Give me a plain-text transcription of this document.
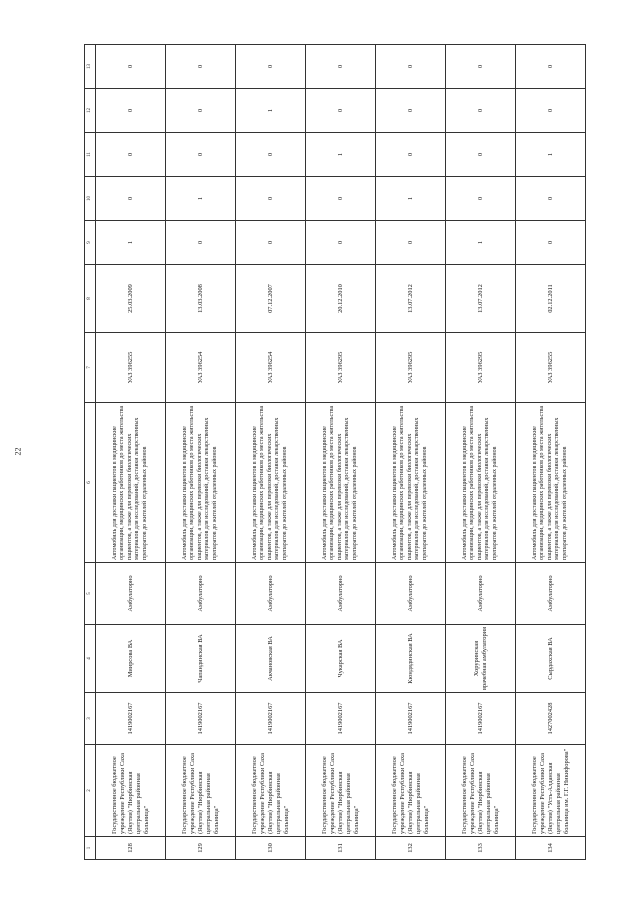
22
1	2	3	4	5	6	7	8	9	10	11	12	13
128	Государственное бюджетное учреждение Республики Саха (Якутия) "Нюрбинская центральная районная больница"	1419002167	Миирсова ВА	Амбулаторно	Автомобиль для доставки пациентов в медицинские организации, медицинских работников до места жительства пациентов, а также для перевозки биологических материалов для исследований, доставки лекарственных препаратов до жителей отдаленных районов	УАЗ 396255	25.03.2009	1	0	0	0	0
129	Государственное бюджетное учреждение Республики Саха (Якутия) "Нюрбинская центральная районная больница"	1419002167	Чапандинская ВА	Амбулаторно	Автомобиль для доставки пациентов в медицинские организации, медицинских работников до места жительства пациентов, а также для перевозки биологических материалов для исследований, доставки лекарственных препаратов до жителей отдаленных районов	УАЗ 396254	13.03.2008	0	1	0	0	0
130	Государственное бюджетное учреждение Республики Саха (Якутия) "Нюрбинская центральная районная больница"	1419002167	Акчановская ВА	Амбулаторно	Автомобиль для доставки пациентов в медицинские организации, медицинских работников до места жительства пациентов, а также для перевозки биологических материалов для исследований, доставки лекарственных препаратов до жителей отдаленных районов	УАЗ 396254	07.12.2007	0	0	0	1	0
131	Государственное бюджетное учреждение Республики Саха (Якутия) "Нюрбинская центральная районная больница"	1419002167	Чукарская ВА	Амбулаторно	Автомобиль для доставки пациентов в медицинские организации, медицинских работников до места жительства пациентов, а также для перевозки биологических материалов для исследований, доставки лекарственных препаратов до жителей отдаленных районов	УАЗ 396295	20.12.2010	0	0	1	0	0
132	Государственное бюджетное учреждение Республики Саха (Якутия) "Нюрбинская центральная районная больница"	1419002167	Кюндядинская ВА	Амбулаторно	Автомобиль для доставки пациентов в медицинские организации, медицинских работников до места жительства пациентов, а также для перевозки биологических материалов для исследований, доставки лекарственных препаратов до жителей отдаленных районов	УАЗ 396295	13.07.2012	0	1	0	0	0
133	Государственное бюджетное учреждение Республики Саха (Якутия) "Нюрбинская центральная районная больница"	1419002167	Хоруринская врачебная амбулатория	Амбулаторно	Автомобиль для доставки пациентов в медицинские организации, медицинских работников до места жительства пациентов, а также для перевозки биологических материалов для исследований, доставки лекарственных препаратов до жителей отдаленных районов	УАЗ 396295	13.07.2012	1	0	0	0	0
134	Государственное бюджетное учреждение Республики Саха (Якутия) "Усть-Алданская центральная районная больница им. Г.Г. Никифорова"	1427002428	Сырдахская ВА	Амбулаторно	Автомобиль для доставки пациентов в медицинские организации, медицинских работников до места жительства пациентов, а также для перевозки биологических материалов для исследований, доставки лекарственных препаратов до жителей отдаленных районов	УАЗ 396255	02.12.2011	0	0	1	0	0
